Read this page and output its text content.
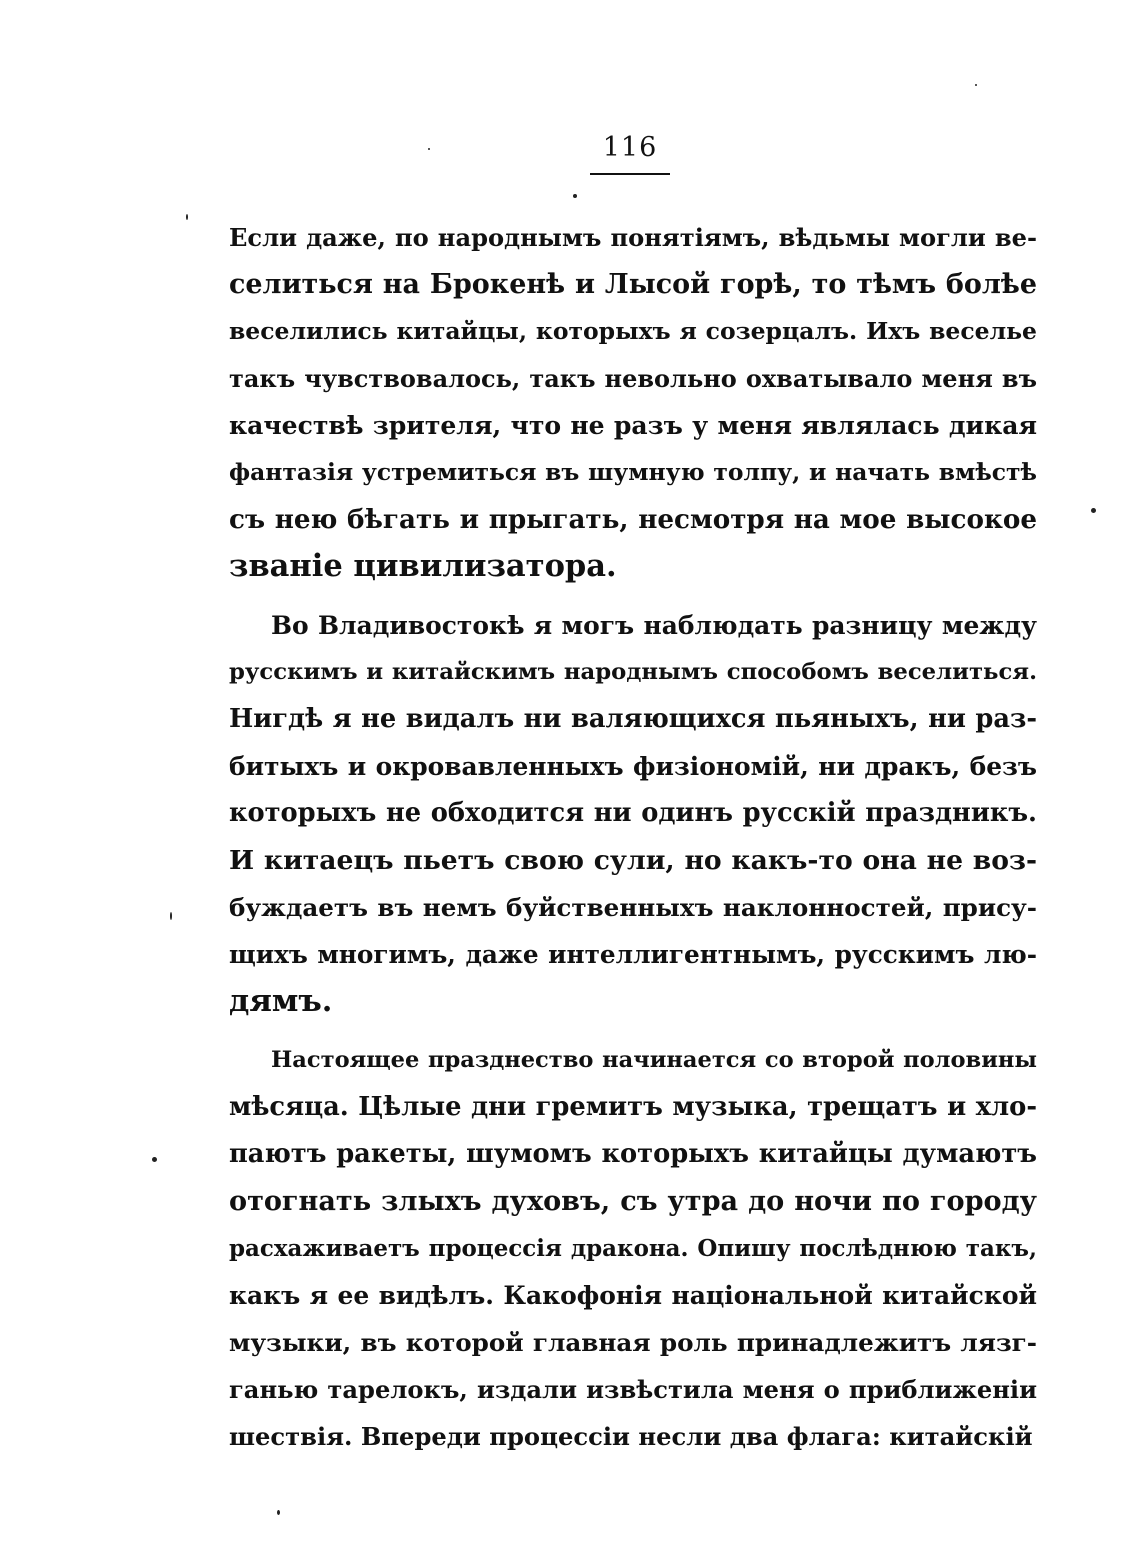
116
Если даже, по народнымъ понятіямъ, вѣдьмы могли ве-
селиться на Брокенѣ и Лысой горѣ, то тѣмъ болѣе
веселились китайцы, которыхъ я созерцалъ. Ихъ веселье
такъ чувствовалось, такъ невольно охватывало меня въ
качествѣ зрителя, что не разъ у меня являлась дикая
фантазія устремиться въ шумную толпу, и начать вмѣстѣ
съ нею бѣгать и прыгать, несмотря на мое высокое
званіе цивилизатора.
Во Владивостокѣ я могъ наблюдать разницу между
русскимъ и китайскимъ народнымъ способомъ веселиться.
Нигдѣ я не видалъ ни валяющихся пьяныхъ, ни раз-
битыхъ и окровавленныхъ физіономій, ни дракъ, безъ
которыхъ не обходится ни одинъ русскій праздникъ.
И китаецъ пьетъ свою сули, но какъ-то она не воз-
буждаетъ въ немъ буйственныхъ наклонностей, прису-
щихъ многимъ, даже интеллигентнымъ, русскимъ лю-
дямъ.
Настоящее празднество начинается со второй половины
мѣсяца. Цѣлые дни гремитъ музыка, трещатъ и хло-
паютъ ракеты, шумомъ которыхъ китайцы думаютъ
отогнать злыхъ духовъ, съ утра до ночи по городу
расхаживаетъ процессія дракона. Опишу послѣднюю такъ,
какъ я ее видѣлъ. Какофонія національной китайской
музыки, въ которой главная роль принадлежитъ лязг-
ганью тарелокъ, издали извѣстила меня о приближеніи
шествія. Впереди процессіи несли два флага: китайскій
